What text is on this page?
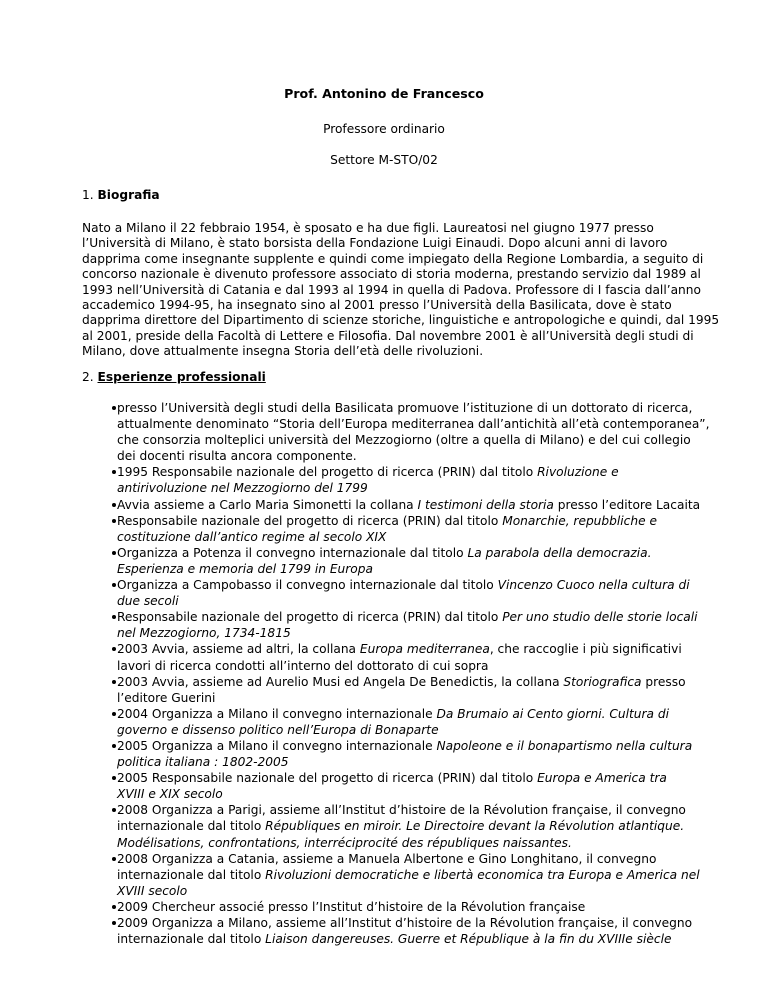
Prof. Antonino de Francesco
Professore ordinario
Settore M-STO/02
1. Biografia
Nato a Milano il 22 febbraio 1954, è sposato e ha due figli. Laureatosi nel giugno 1977 presso
l’Università di Milano, è stato borsista della Fondazione Luigi Einaudi. Dopo alcuni anni di lavoro
dapprima come insegnante supplente e quindi come impiegato della Regione Lombardia, a seguito di
concorso nazionale è divenuto professore associato di storia moderna, prestando servizio dal 1989 al
1993 nell’Università di Catania e dal 1993 al 1994 in quella di Padova. Professore di I fascia dall’anno
accademico 1994-95, ha insegnato sino al 2001 presso l’Università della Basilicata, dove è stato
dapprima direttore del Dipartimento di scienze storiche, linguistiche e antropologiche e quindi, dal 1995
al 2001, preside della Facoltà di Lettere e Filosofia. Dal novembre 2001 è all’Università degli studi di
Milano, dove attualmente insegna Storia dell’età delle rivoluzioni.
2. Esperienze professionali
presso l’Università degli studi della Basilicata promuove l’istituzione di un dottorato di ricerca,
attualmente denominato “Storia dell’Europa mediterranea dall’antichità all’età contemporanea”,
che consorzia molteplici università del Mezzogiorno (oltre a quella di Milano) e del cui collegio
dei docenti risulta ancora componente.
1995 Responsabile nazionale del progetto di ricerca (PRIN) dal titolo Rivoluzione e
antirivoluzione nel Mezzogiorno del 1799
Avvia assieme a Carlo Maria Simonetti la collana I testimoni della storia presso l’editore Lacaita
Responsabile nazionale del progetto di ricerca (PRIN) dal titolo Monarchie, repubbliche e
costituzione dall’antico regime al secolo XIX
Organizza a Potenza il convegno internazionale dal titolo La parabola della democrazia.
Esperienza e memoria del 1799 in Europa
Organizza a Campobasso il convegno internazionale dal titolo Vincenzo Cuoco nella cultura di
due secoli
Responsabile nazionale del progetto di ricerca (PRIN) dal titolo Per uno studio delle storie locali
nel Mezzogiorno, 1734-1815
2003 Avvia, assieme ad altri, la collana Europa mediterranea, che raccoglie i più significativi
lavori di ricerca condotti all’interno del dottorato di cui sopra
2003 Avvia, assieme ad Aurelio Musi ed Angela De Benedictis, la collana Storiografica presso
l’editore Guerini
2004 Organizza a Milano il convegno internazionale Da Brumaio ai Cento giorni. Cultura di
governo e dissenso politico nell’Europa di Bonaparte
2005 Organizza a Milano il convegno internazionale Napoleone e il bonapartismo nella cultura
politica italiana : 1802-2005
2005 Responsabile nazionale del progetto di ricerca (PRIN) dal titolo Europa e America tra
XVIII e XIX secolo
2008 Organizza a Parigi, assieme all’Institut d’histoire de la Révolution française, il convegno
internazionale dal titolo Républiques en miroir. Le Directoire devant la Révolution atlantique.
Modélisations, confrontations, interréciprocité des républiques naissantes.
2008 Organizza a Catania, assieme a Manuela Albertone e Gino Longhitano, il convegno
internazionale dal titolo Rivoluzioni democratiche e libertà economica tra Europa e America nel
XVIII secolo
2009 Chercheur associé presso l’Institut d’histoire de la Révolution française
2009 Organizza a Milano, assieme all’Institut d’histoire de la Révolution française, il convegno
internazionale dal titolo Liaison dangereuses. Guerre et République à la fin du XVIIIe siècle
